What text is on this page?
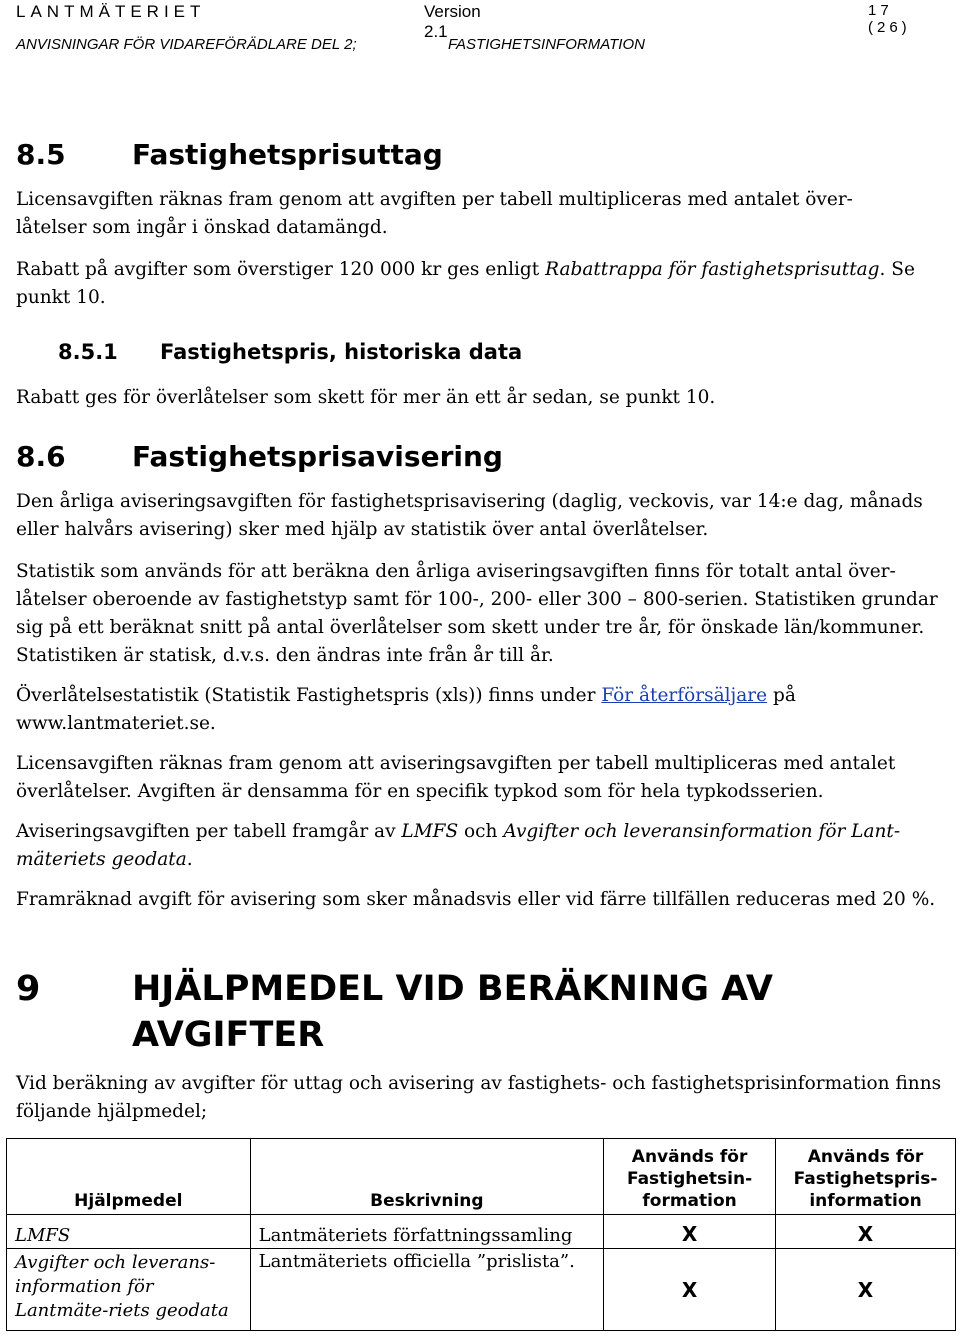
LANTMÄTERIET	Version 2.1
17 (26)
ANVISNINGAR FÖR VIDAREFÖRÄDLARE DEL 2;	FASTIGHETSINFORMATION
8.5 Fastighetsprisuttag
Licensavgiften räknas fram genom att avgiften per tabell multipliceras med antalet över-låtelser som ingår i önskad datamängd.
Rabatt på avgifter som överstiger 120 000 kr ges enligt Rabattrappa för fastighetsprisuttag. Se punkt 10.
8.5.1 Fastighetspris, historiska data
Rabatt ges för överlåtelser som skett för mer än ett år sedan, se punkt 10.
8.6 Fastighetsprisavisering
Den årliga aviseringsavgiften för fastighetsprisavisering (daglig, veckovis, var 14:e dag, månads eller halvårs avisering) sker med hjälp av statistik över antal överlåtelser.
Statistik som används för att beräkna den årliga aviseringsavgiften finns för totalt antal över-låtelser oberoende av fastighetstyp samt för 100-, 200- eller 300 – 800-serien. Statistiken grundar sig på ett beräknat snitt på antal överlåtelser som skett under tre år, för önskade län/kommuner. Statistiken är statisk, d.v.s. den ändras inte från år till år.
Överlåtelsestatistik (Statistik Fastighetspris (xls)) finns under För återförsäljare på www.lantmateriet.se.
Licensavgiften räknas fram genom att aviseringsavgiften per tabell multipliceras med antalet överlåtelser. Avgiften är densamma för en specifik typkod som för hela typkodsserien.
Aviseringsavgiften per tabell framgår av LMFS och Avgifter och leveransinformation för Lant-mäteriets geodata.
Framräknad avgift för avisering som sker månadsvis eller vid färre tillfällen reduceras med 20 %.
9	HJÄLPMEDEL VID BERÄKNING AV AVGIFTER
Vid beräkning av avgifter för uttag och avisering av fastighets- och fastighetsprisinformation finns följande hjälpmedel;
Hjälpmedel	Beskrivning	Används för Fastighetsin-formation	Används för Fastighetspris-information
LMFS	Lantmäteriets författningssamling	X	X
Avgifter och leverans-information för Lantmäte-riets geodata	Lantmäteriets officiella ”prislista”.	X	X
